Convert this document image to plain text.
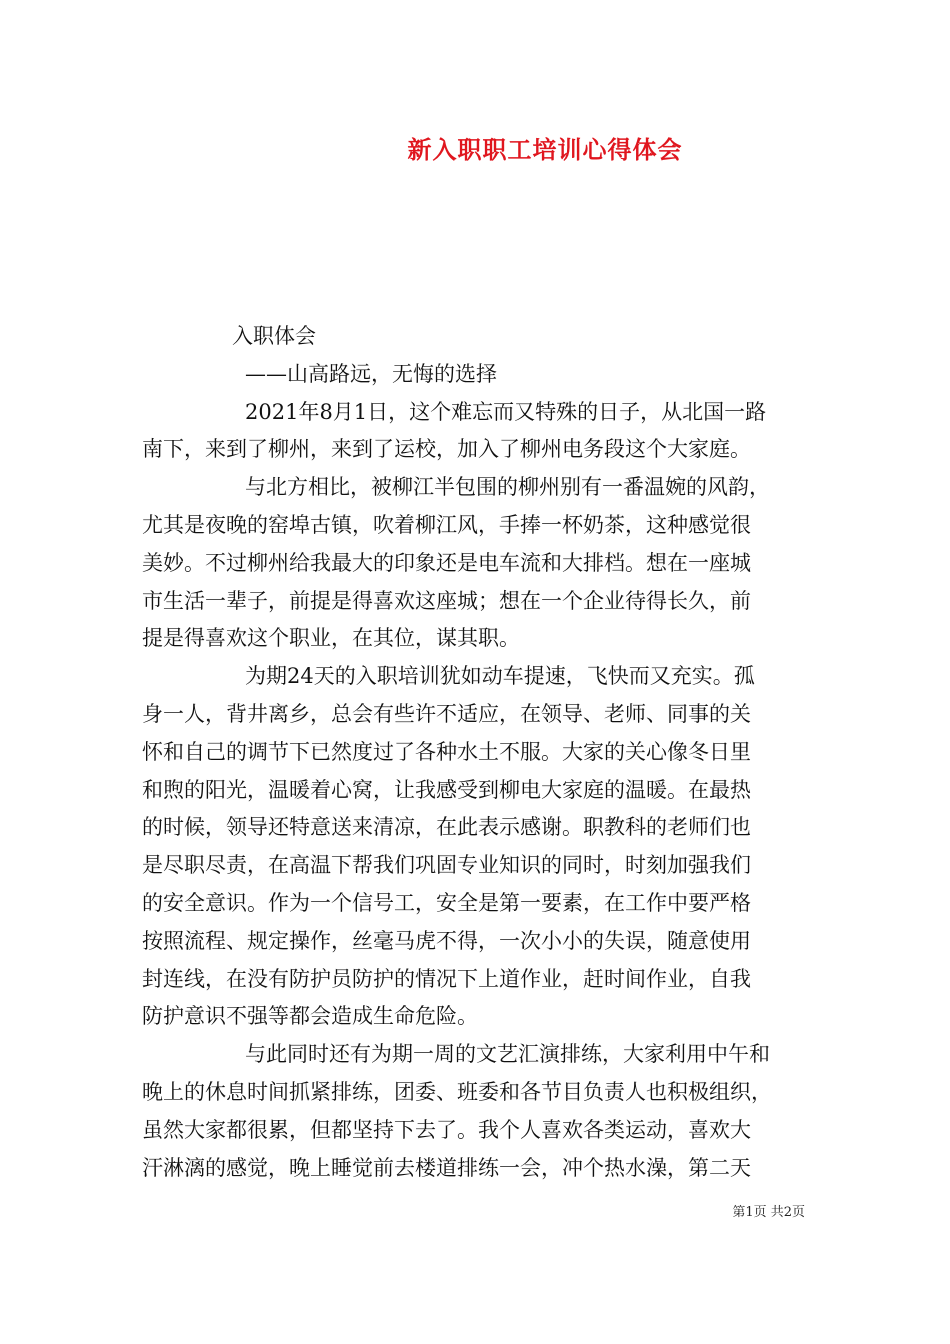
新入职职工培训心得体会
入职体会
——山高路远，无悔的选择
2021年8月1日，这个难忘而又特殊的日子，从北国一路
南下，来到了柳州，来到了运校，加入了柳州电务段这个大家庭。
与北方相比，被柳江半包围的柳州别有一番温婉的风韵，
尤其是夜晚的窑埠古镇，吹着柳江风，手捧一杯奶茶，这种感觉很
美妙。不过柳州给我最大的印象还是电车流和大排档。想在一座城
市生活一辈子，前提是得喜欢这座城；想在一个企业待得长久，前
提是得喜欢这个职业，在其位，谋其职。
为期24天的入职培训犹如动车提速，飞快而又充实。孤
身一人，背井离乡，总会有些许不适应，在领导、老师、同事的关
怀和自己的调节下已然度过了各种水土不服。大家的关心像冬日里
和煦的阳光，温暖着心窝，让我感受到柳电大家庭的温暖。在最热
的时候，领导还特意送来清凉，在此表示感谢。职教科的老师们也
是尽职尽责，在高温下帮我们巩固专业知识的同时，时刻加强我们
的安全意识。作为一个信号工，安全是第一要素，在工作中要严格
按照流程、规定操作，丝毫马虎不得，一次小小的失误，随意使用
封连线，在没有防护员防护的情况下上道作业，赶时间作业，自我
防护意识不强等都会造成生命危险。
与此同时还有为期一周的文艺汇演排练，大家利用中午和
晚上的休息时间抓紧排练，团委、班委和各节目负责人也积极组织，
虽然大家都很累，但都坚持下去了。我个人喜欢各类运动，喜欢大
汗淋漓的感觉，晚上睡觉前去楼道排练一会，冲个热水澡，第二天
第1页 共2页
